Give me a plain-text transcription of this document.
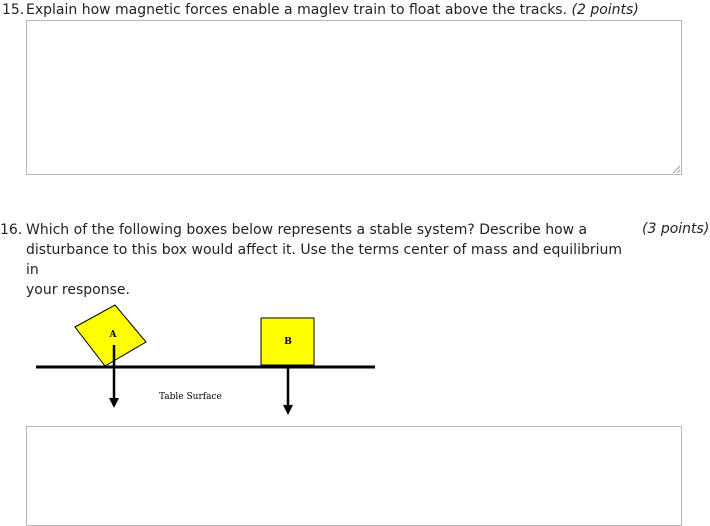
15. Explain how magnetic forces enable a maglev train to float above the tracks. (2 points)
16. Which of the following boxes below represents a stable system? Describe how a
disturbance to this box would affect it. Use the terms center of mass and equilibrium in
your response.
(3 points)
A
B
Table Surface
